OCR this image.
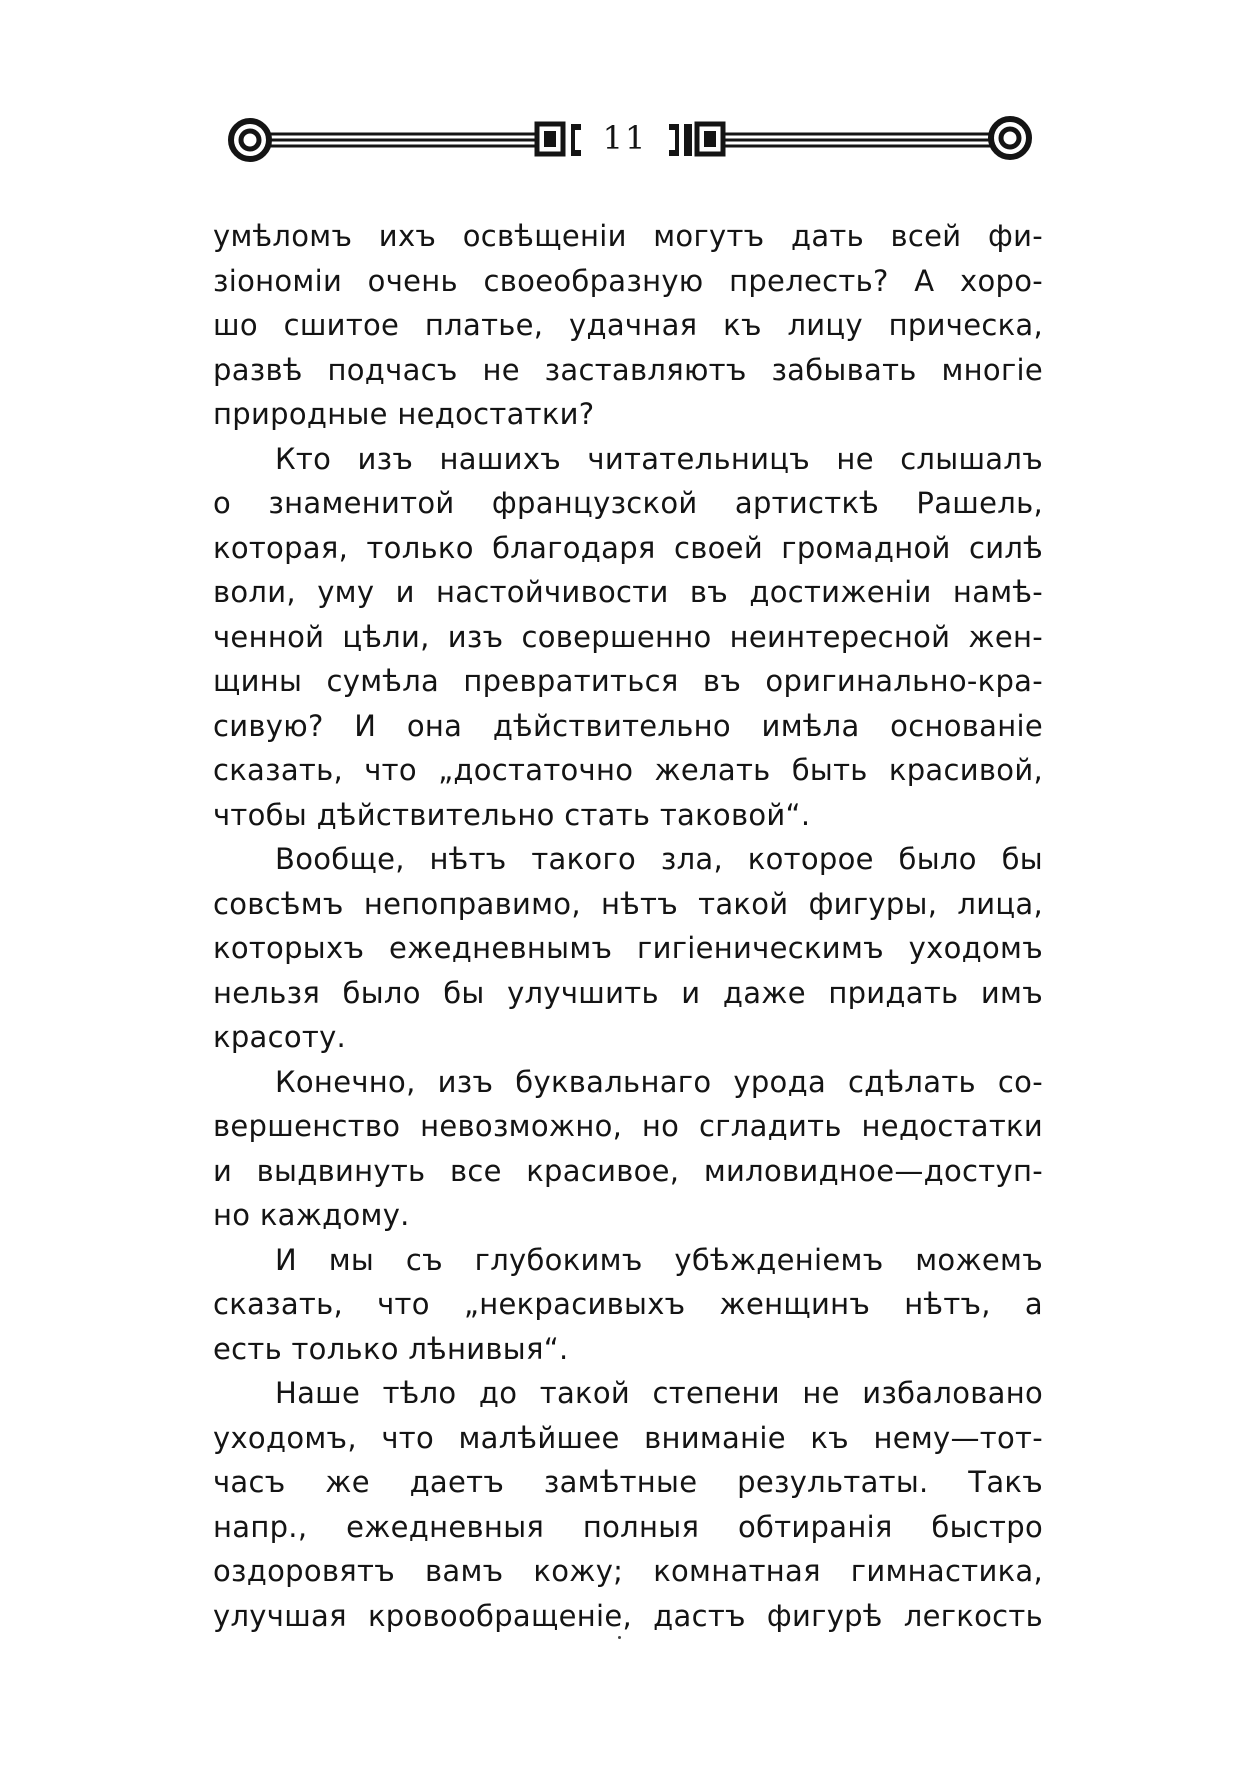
11
умѣломъ ихъ освѣщеніи могутъ дать всей фи-
зіономіи очень своеобразную прелесть? А хоро-
шо сшитое платье, удачная къ лицу прическа,
развѣ подчасъ не заставляютъ забывать многіе
природные недостатки?
Кто изъ нашихъ читательницъ не слышалъ
о знаменитой французской артисткѣ Рашель,
которая, только благодаря своей громадной силѣ
воли, уму и настойчивости въ достиженіи намѣ-
ченной цѣли, изъ совершенно неинтересной жен-
щины сумѣла превратиться въ оригинально-кра-
сивую? И она дѣйствительно имѣла основаніе
сказать, что „достаточно желать быть красивой,
чтобы дѣйствительно стать таковой“.
Вообще, нѣтъ такого зла, которое было бы
совсѣмъ непоправимо, нѣтъ такой фигуры, лица,
которыхъ ежедневнымъ гигіеническимъ уходомъ
нельзя было бы улучшить и даже придать имъ
красоту.
Конечно, изъ буквальнаго урода сдѣлать со-
вершенство невозможно, но сгладить недостатки
и выдвинуть все красивое, миловидное—доступ-
но каждому.
И мы съ глубокимъ убѣжденіемъ можемъ
сказать, что „некрасивыхъ женщинъ нѣтъ, а
есть только лѣнивыя“.
Наше тѣло до такой степени не избаловано
уходомъ, что малѣйшее вниманіе къ нему—тот-
часъ же даетъ замѣтные результаты. Такъ
напр., ежедневныя полныя обтиранія быстро
оздоровятъ вамъ кожу; комнатная гимнастика,
улучшая кровообращеніе, дастъ фигурѣ легкость
